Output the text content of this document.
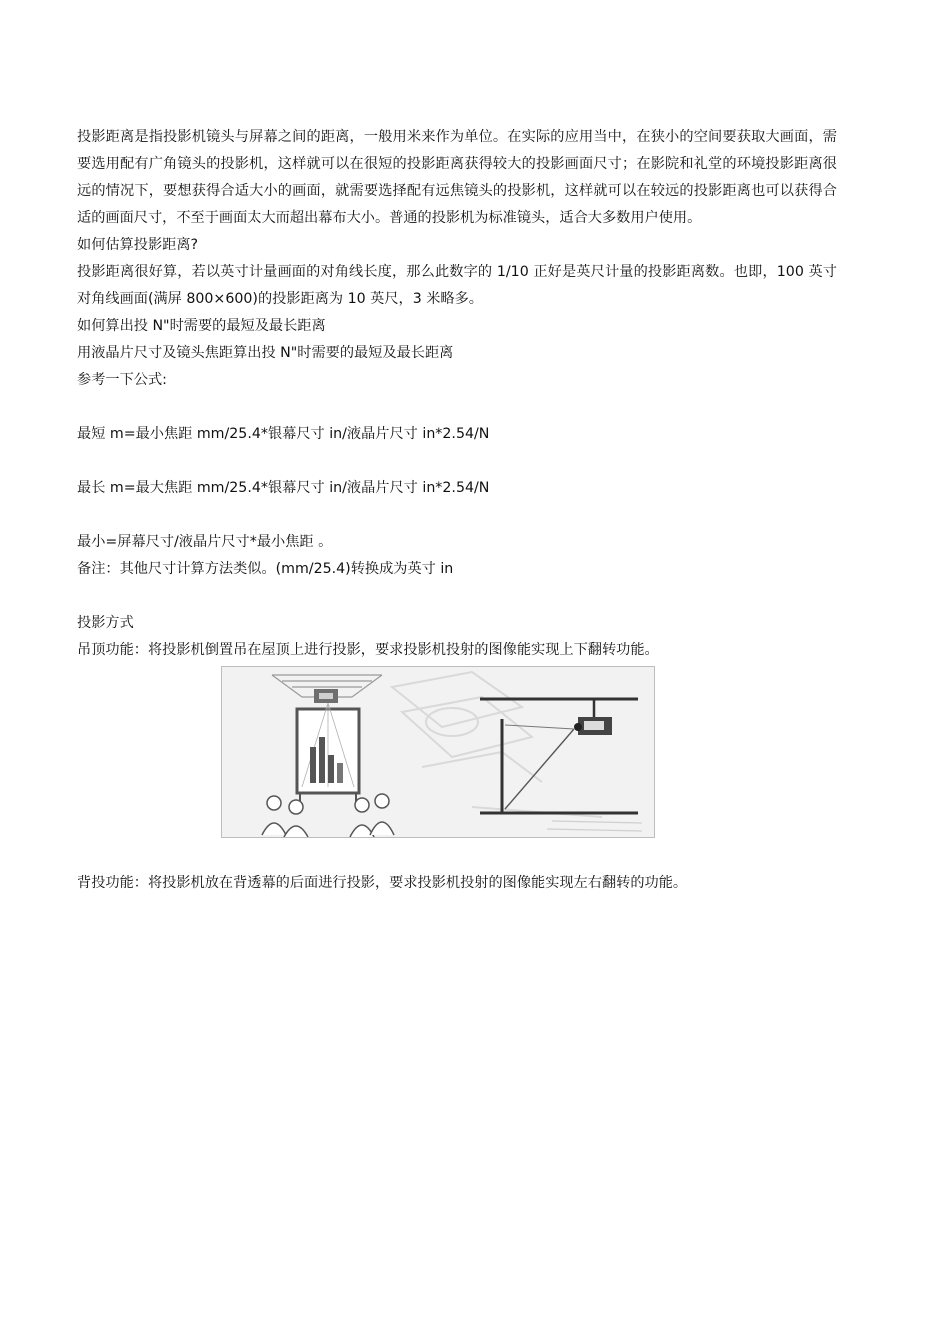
投影距离是指投影机镜头与屏幕之间的距离，一般用米来作为单位。在实际的应用当中，在狭小的空间要获取大画面，需要选用配有广角镜头的投影机，这样就可以在很短的投影距离获得较大的投影画面尺寸；在影院和礼堂的环境投影距离很远的情况下，要想获得合适大小的画面，就需要选择配有远焦镜头的投影机，这样就可以在较远的投影距离也可以获得合适的画面尺寸，不至于画面太大而超出幕布大小。普通的投影机为标准镜头，适合大多数用户使用。

如何估算投影距离?

投影距离很好算，若以英寸计量画面的对角线长度，那么此数字的 1/10 正好是英尺计量的投影距离数。也即，100 英寸对角线画面(满屏 800×600)的投影距离为 10 英尺，3 米略多。

如何算出投 N"时需要的最短及最长距离

用液晶片尺寸及镜头焦距算出投 N"时需要的最短及最长距离

参考一下公式:

最短 m=最小焦距 mm/25.4*银幕尺寸 in/液晶片尺寸 in*2.54/N

最长 m=最大焦距 mm/25.4*银幕尺寸 in/液晶片尺寸 in*2.54/N

最小=屏幕尺寸/液晶片尺寸*最小焦距 。

备注：其他尺寸计算方法类似。(mm/25.4)转换成为英寸 in

投影方式

吊顶功能：将投影机倒置吊在屋顶上进行投影，要求投影机投射的图像能实现上下翻转功能。

背投功能：将投影机放在背透幕的后面进行投影，要求投影机投射的图像能实现左右翻转的功能。
